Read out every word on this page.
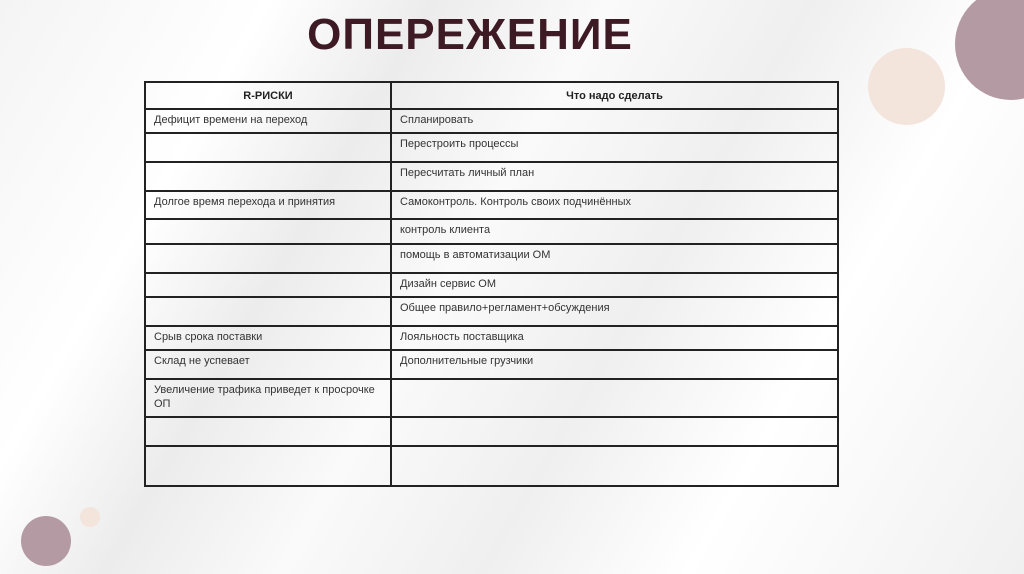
ОПЕРЕЖЕНИЕ
R-РИСКИ	Что надо сделать
Дефицит времени на переход	Спланировать
	Перестроить процессы
	Пересчитать личный план
Долгое время перехода и принятия	Самоконтроль. Контроль своих подчинённых
	контроль клиента
	помощь в автоматизации ОМ
	Дизайн сервис ОМ
	Общее правило+регламент+обсуждения
Срыв срока поставки	Лояльность поставщика
Склад не успевает	Дополнительные грузчики
Увеличение трафика приведет к просрочке ОП	
